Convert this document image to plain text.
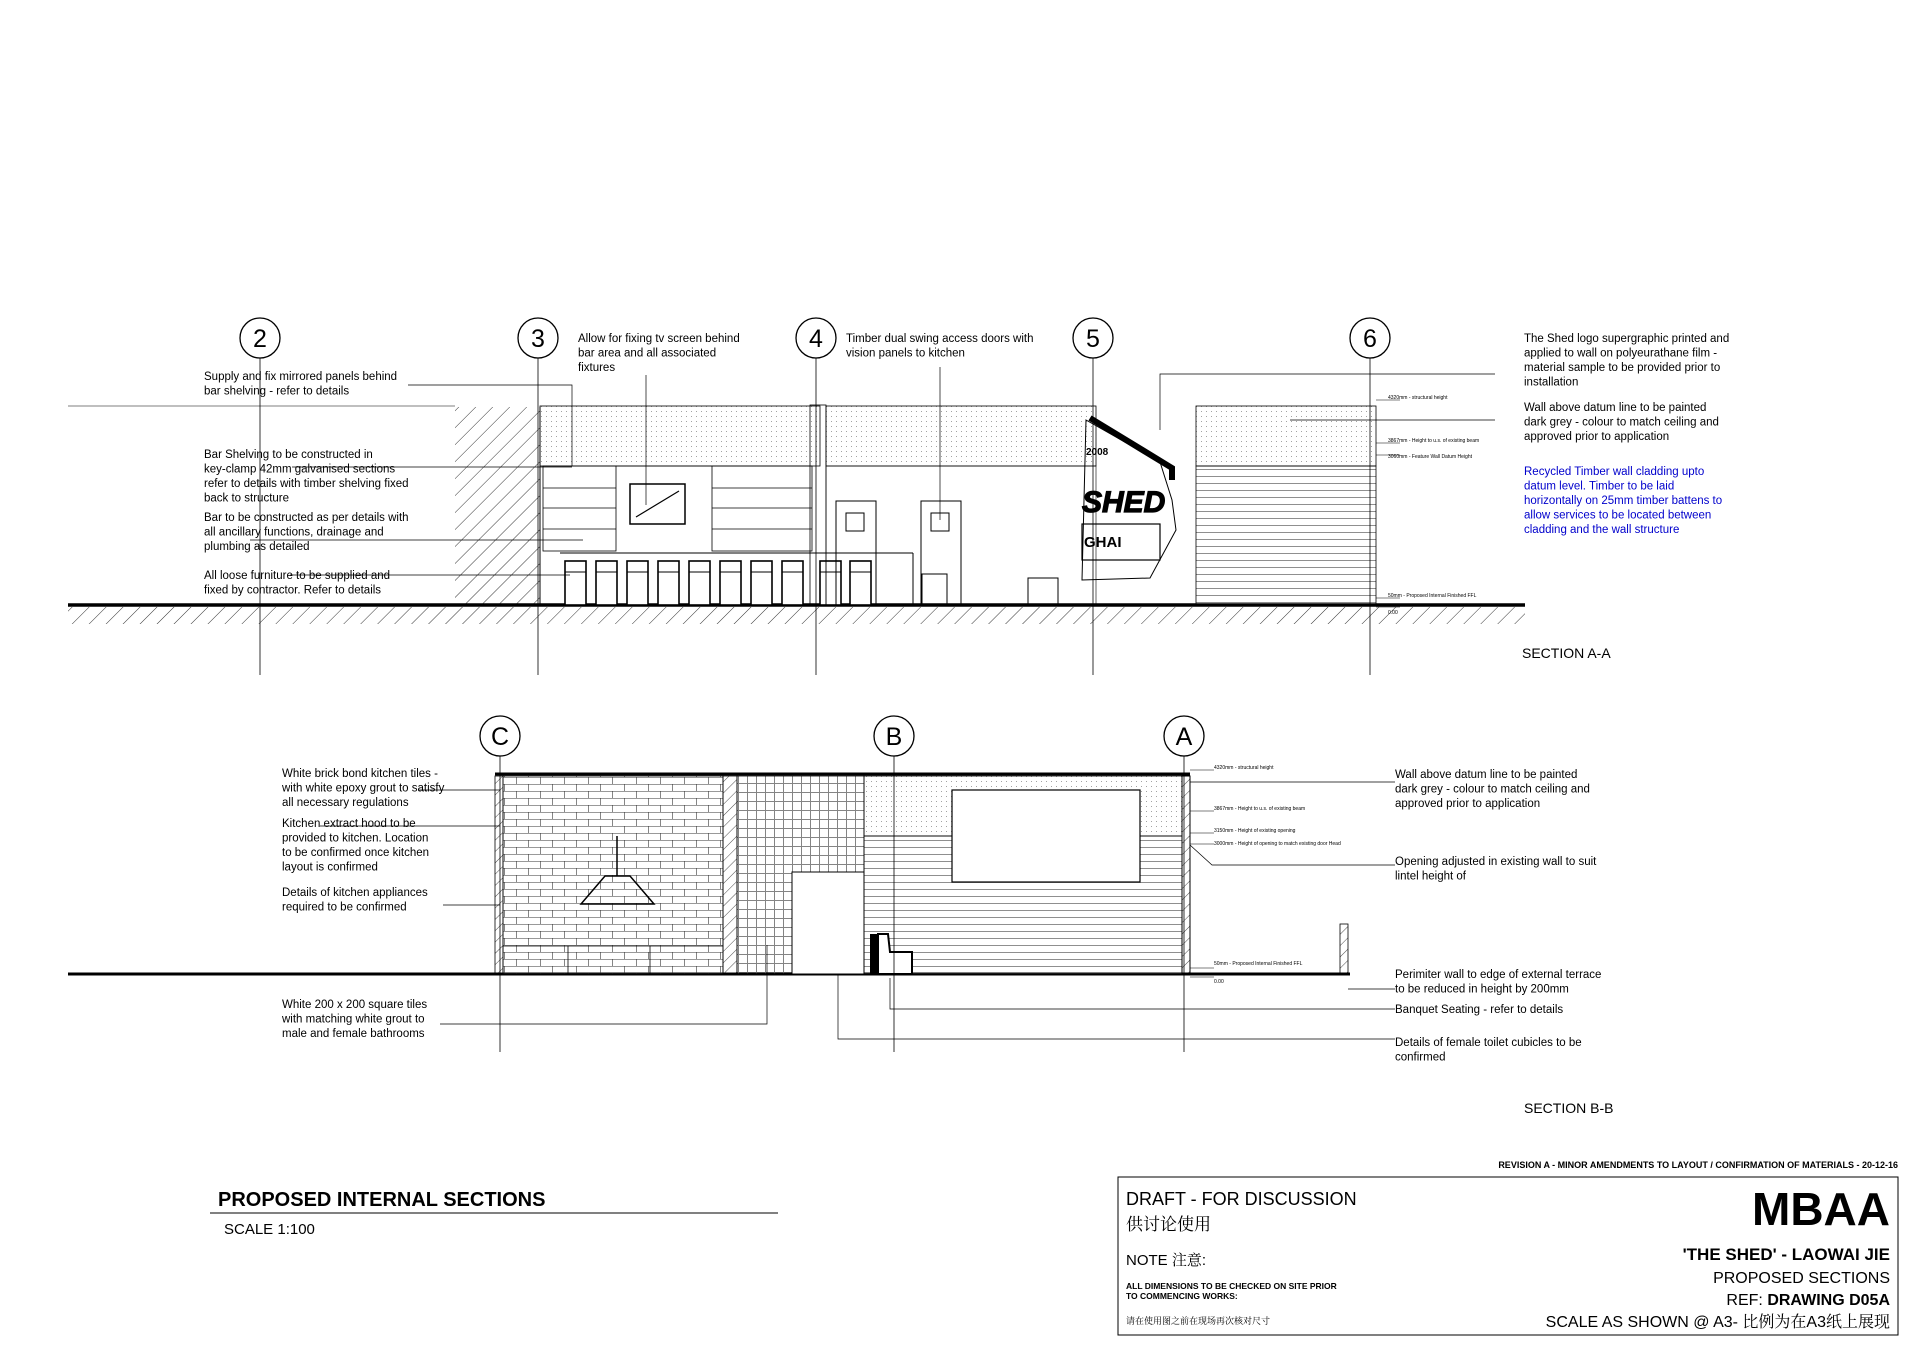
SHED
2008
GHAI
2	3	4	5	6
4320mm - structural height
3867mm - Height to u.s. of existing beam
3060mm - Feature Wall Datum Height
50mm - Proposed Internal Finished FFL
0.00
SECTION A-A
C	B	A
4320mm - structural height
3867mm - Height to u.s. of existing beam
3150mm - Height of existing opening
3000mm - Height of opening to match existing door Head
50mm - Proposed Internal Finished FFL
0.00
SECTION B-B
Supply and fix mirrored panels behind bar shelving - refer to details
Bar Shelving to be constructed in key-clamp 42mm galvanised sections refer to details with timber shelving fixed back to structure
Bar to be constructed as per details with all ancillary functions, drainage and plumbing as detailed
All loose furniture to be supplied and fixed by contractor. Refer to details
Allow for fixing tv screen behind bar area and all associated fixtures
Timber dual swing access doors with vision panels to kitchen
The Shed logo supergraphic printed and applied to wall on polyeurathane film -material sample to be provided prior to installation
Wall above datum line to be painted dark grey - colour to match ceiling and approved prior to application
Recycled Timber wall cladding upto datum level. Timber to be laid horizontally on 25mm timber battens to allow services to be located between cladding and the wall structure
White brick bond kitchen tiles -with white epoxy grout to satisfy all necessary regulations
Kitchen extract hood to be provided to kitchen. Location to be confirmed once kitchen layout is confirmed
Details of kitchen appliances required to be confirmed
White 200 x 200 square tiles with matching white grout to male and female bathrooms
Wall above datum line to be painted dark grey - colour to match ceiling and approved prior to application
Opening adjusted in existing wall to suit lintel height of
Perimiter wall to edge of external terrace to be reduced in height by 200mm
Banquet Seating - refer to details
Details of female toilet cubicles to be confirmed
PROPOSED INTERNAL SECTIONS
SCALE 1:100
REVISION A - MINOR AMENDMENTS TO LAYOUT / CONFIRMATION OF MATERIALS - 20-12-16
DRAFT - FOR DISCUSSION
供讨论使用
NOTE 注意:
ALL DIMENSIONS TO BE CHECKED ON SITE PRIOR
TO COMMENCING WORKS:
请在使用图之前在现场再次核对尺寸
MBAA
'THE SHED' - LAOWAI JIE
PROPOSED SECTIONS
REF: DRAWING D05A
SCALE AS SHOWN @ A3- 比例为在A3纸上展现
